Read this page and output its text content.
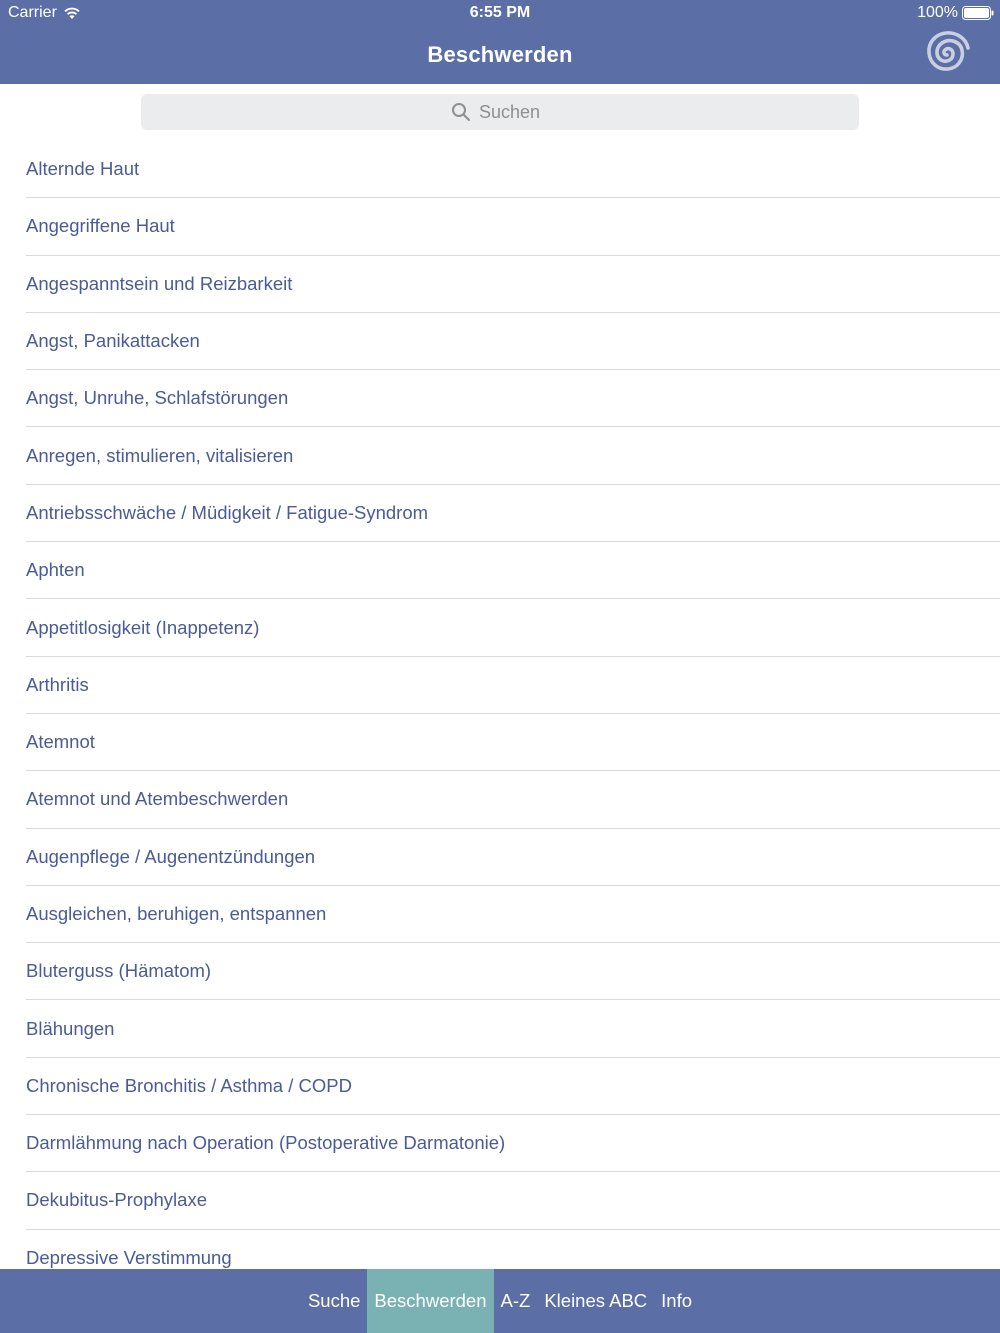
Carrier	6:55 PM	100%
Beschwerden
Suchen
Alternde Haut
Angegriffene Haut
Angespanntsein und Reizbarkeit
Angst, Panikattacken
Angst, Unruhe, Schlafstörungen
Anregen, stimulieren, vitalisieren
Antriebsschwäche / Müdigkeit / Fatigue-Syndrom
Aphten
Appetitlosigkeit (Inappetenz)
Arthritis
Atemnot
Atemnot und Atembeschwerden
Augenpflege / Augenentzündungen
Ausgleichen, beruhigen, entspannen
Bluterguss (Hämatom)
Blähungen
Chronische Bronchitis / Asthma / COPD
Darmlähmung nach Operation (Postoperative Darmatonie)
Dekubitus-Prophylaxe
Depressive Verstimmung
Suche Beschwerden A-Z Kleines ABC Info
